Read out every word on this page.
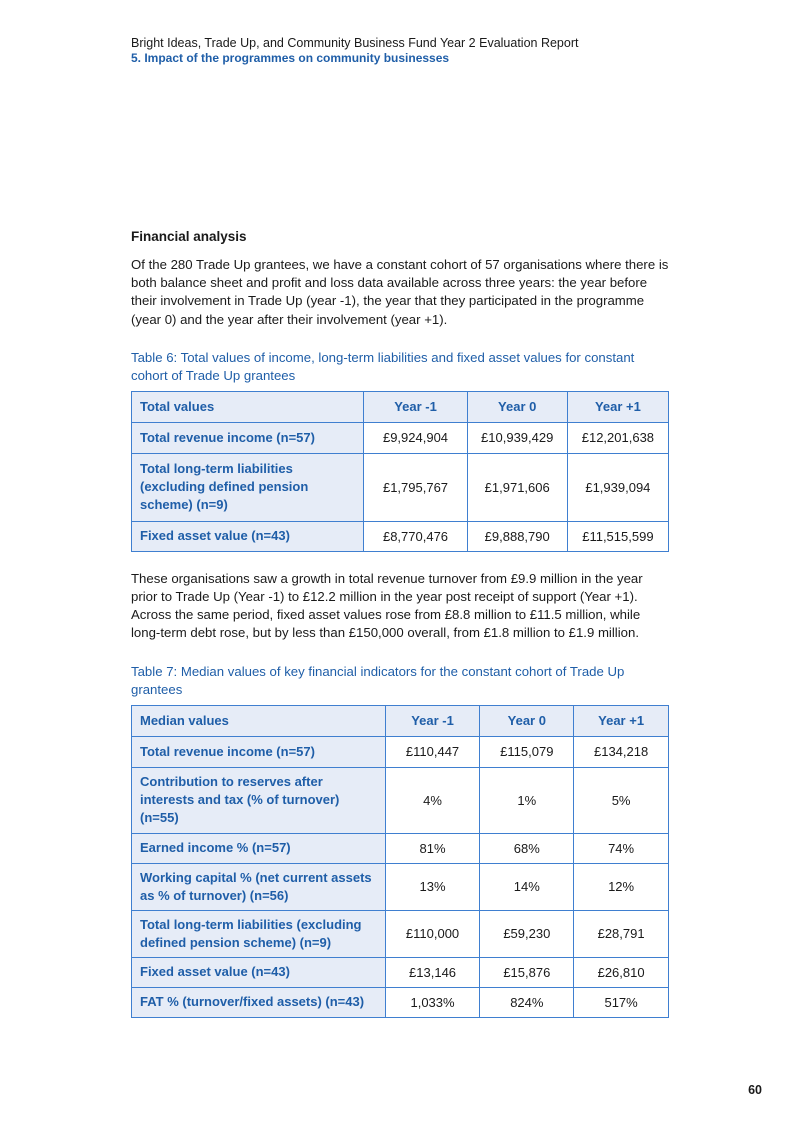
Bright Ideas, Trade Up, and Community Business Fund Year 2 Evaluation Report
5. Impact of the programmes on community businesses
Financial analysis

Of the 280 Trade Up grantees, we have a constant cohort of 57 organisations where there is both balance sheet and profit and loss data available across three years: the year before their involvement in Trade Up (year -1), the year that they participated in the programme (year 0) and the year after their involvement (year +1).

Table 6: Total values of income, long-term liabilities and fixed asset values for constant cohort of Trade Up grantees
Total values	Year -1	Year 0	Year +1
Total revenue income (n=57)	£9,924,904	£10,939,429	£12,201,638
Total long-term liabilities (excluding defined pension scheme) (n=9)	£1,795,767	£1,971,606	£1,939,094
Fixed asset value (n=43)	£8,770,476	£9,888,790	£11,515,599

These organisations saw a growth in total revenue turnover from £9.9 million in the year prior to Trade Up (Year -1) to £12.2 million in the year post receipt of support (Year +1). Across the same period, fixed asset values rose from £8.8 million to £11.5 million, while long-term debt rose, but by less than £150,000 overall, from £1.8 million to £1.9 million.

Table 7: Median values of key financial indicators for the constant cohort of Trade Up grantees
Median values	Year -1	Year 0	Year +1
Total revenue income (n=57)	£110,447	£115,079	£134,218
Contribution to reserves after interests and tax (% of turnover) (n=55)	4%	1%	5%
Earned income % (n=57)	81%	68%	74%
Working capital % (net current assets as % of turnover) (n=56)	13%	14%	12%
Total long-term liabilities (excluding defined pension scheme) (n=9)	£110,000	£59,230	£28,791
Fixed asset value (n=43)	£13,146	£15,876	£26,810
FAT % (turnover/fixed assets) (n=43)	1,033%	824%	517%
60
